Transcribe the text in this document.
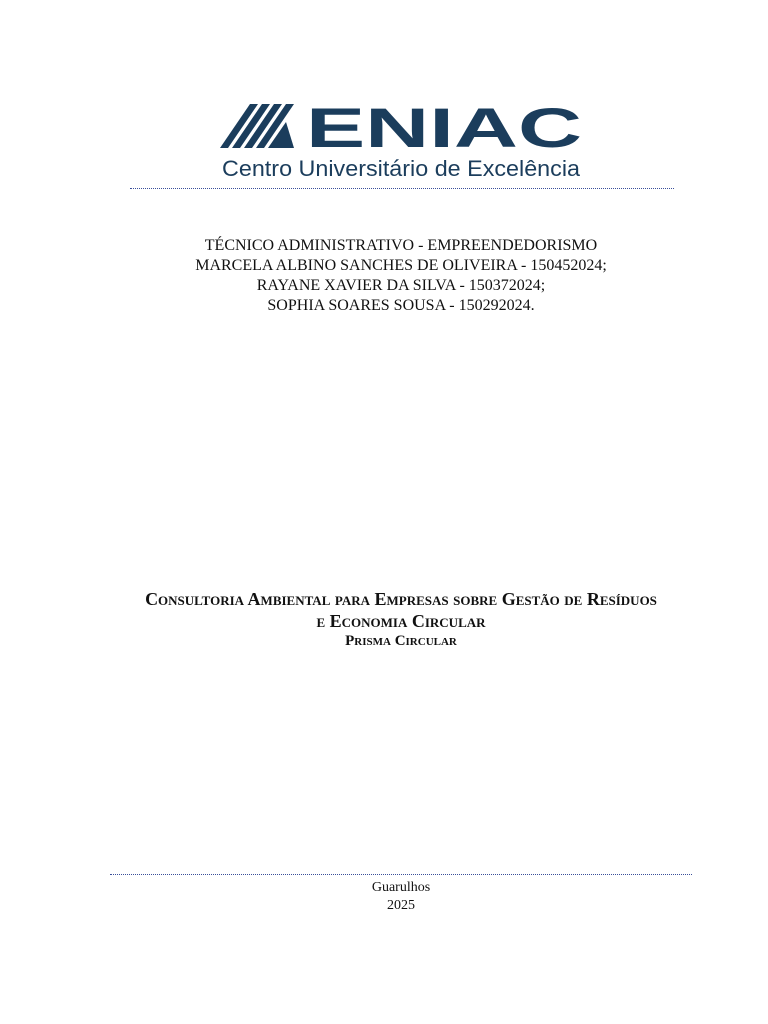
ENIAC
Centro Universitário de Excelência
TÉCNICO ADMINISTRATIVO - EMPREENDEDORISMO
MARCELA ALBINO SANCHES DE OLIVEIRA - 150452024;
RAYANE XAVIER DA SILVA - 150372024;
SOPHIA SOARES SOUSA - 150292024.
Consultoria Ambiental para Empresas sobre Gestão de Resíduos
e Economia Circular
Prisma Circular
Guarulhos
2025
